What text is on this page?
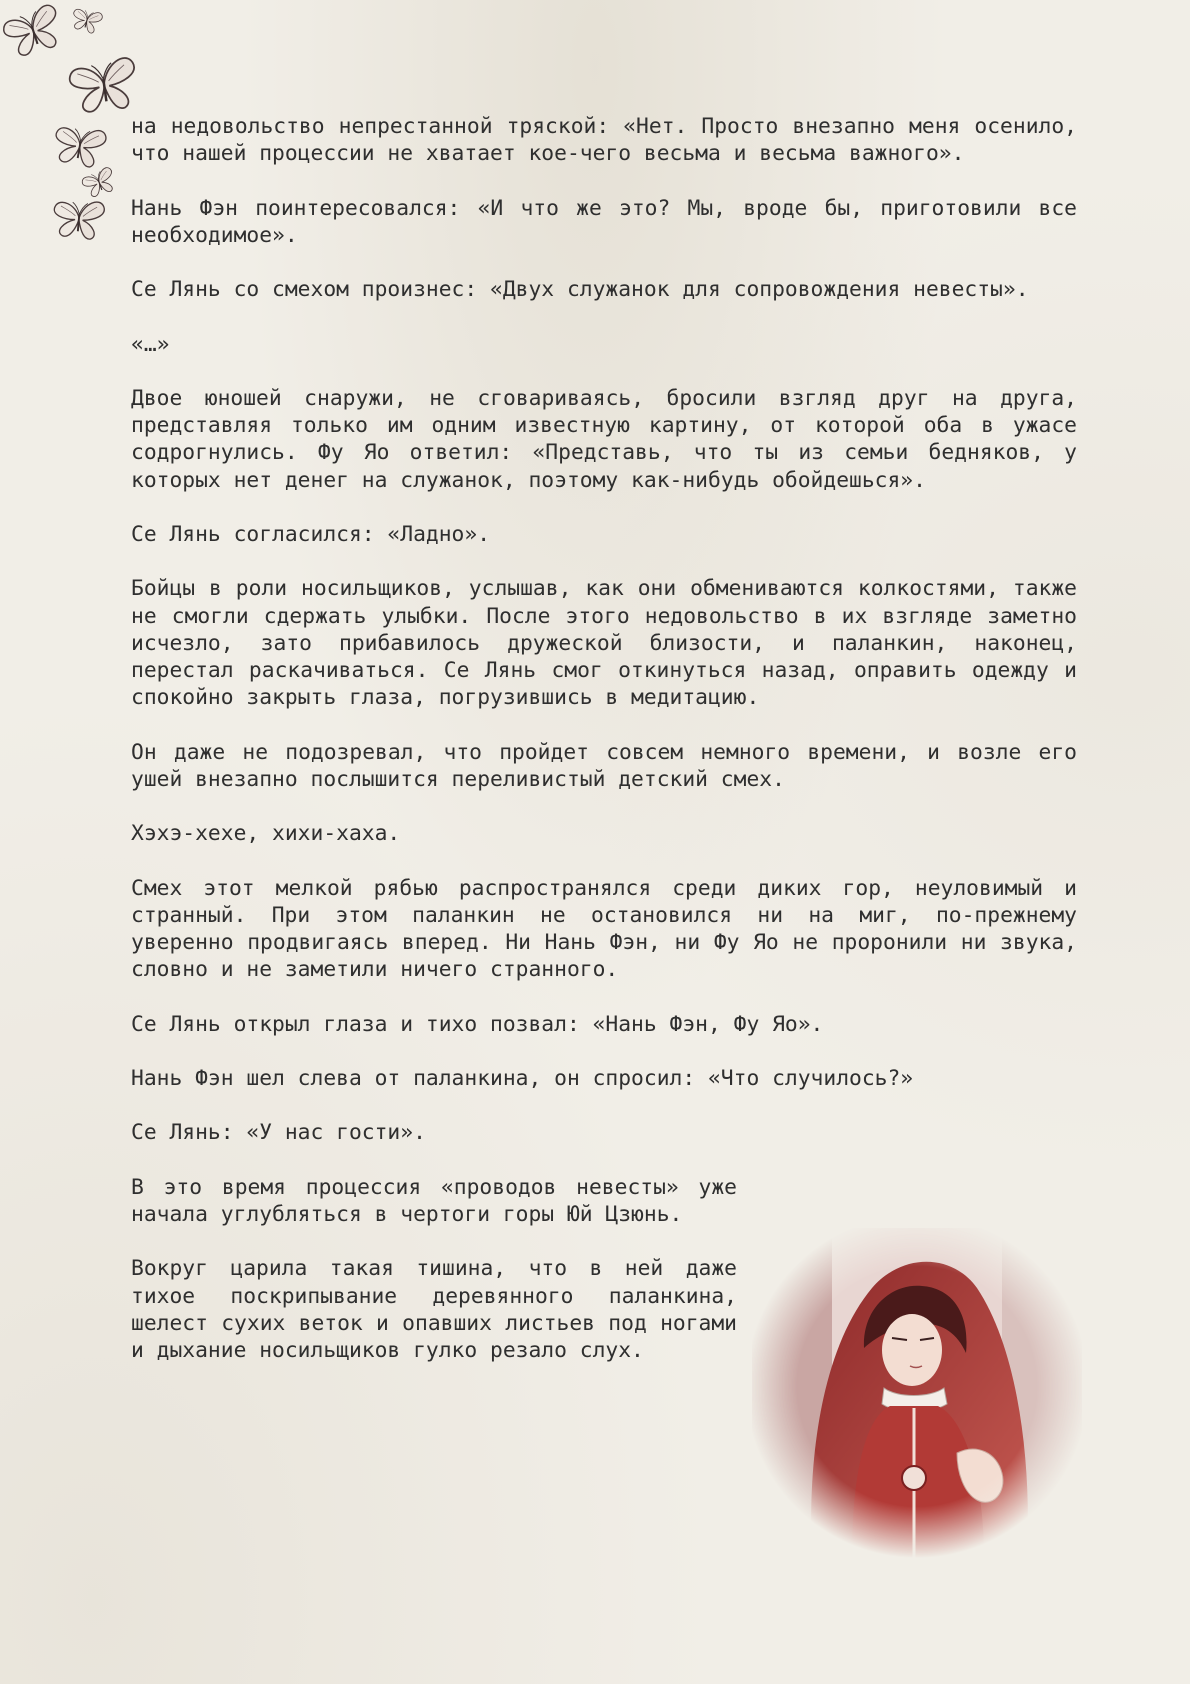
на недовольство непрестанной тряской: «Нет. Просто внезапно меня осенило, что нашей процессии не хватает кое-чего весьма и весьма важного».

Нань Фэн поинтересовался: «И что же это? Мы, вроде бы, приготовили все необходимое».

Се Лянь со смехом произнес: «Двух служанок для сопровождения невесты».

«…»

Двое юношей снаружи, не сговариваясь, бросили взгляд друг на друга, представляя только им одним известную картину, от которой оба в ужасе содрогнулись. Фу Яо ответил: «Представь, что ты из семьи бедняков, у которых нет денег на служанок, поэтому как-нибудь обойдешься».

Се Лянь согласился: «Ладно».

Бойцы в роли носильщиков, услышав, как они обмениваются колкостями, также не смогли сдержать улыбки. После этого недовольство в их взгляде заметно исчезло, зато прибавилось дружеской близости, и паланкин, наконец, перестал раскачиваться. Се Лянь смог откинуться назад, оправить одежду и спокойно закрыть глаза, погрузившись в медитацию.

Он даже не подозревал, что пройдет совсем немного времени, и возле его ушей внезапно послышится переливистый детский смех.

Хэхэ-хехе, хихи-хаха.

Смех этот мелкой рябью распространялся среди диких гор, неуловимый и странный. При этом паланкин не остановился ни на миг, по-прежнему уверенно продвигаясь вперед. Ни Нань Фэн, ни Фу Яо не проронили ни звука, словно и не заметили ничего странного.

Се Лянь открыл глаза и тихо позвал: «Нань Фэн, Фу Яо».

Нань Фэн шел слева от паланкина, он спросил: «Что случилось?»

Се Лянь: «У нас гости».

В это время процессия «проводов невесты» уже начала углубляться в чертоги горы Юй Цзюнь.

Вокруг царила такая тишина, что в ней даже тихое поскрипывание деревянного паланкина, шелест сухих веток и опавших листьев под ногами и дыхание носильщиков гулко резало слух.
